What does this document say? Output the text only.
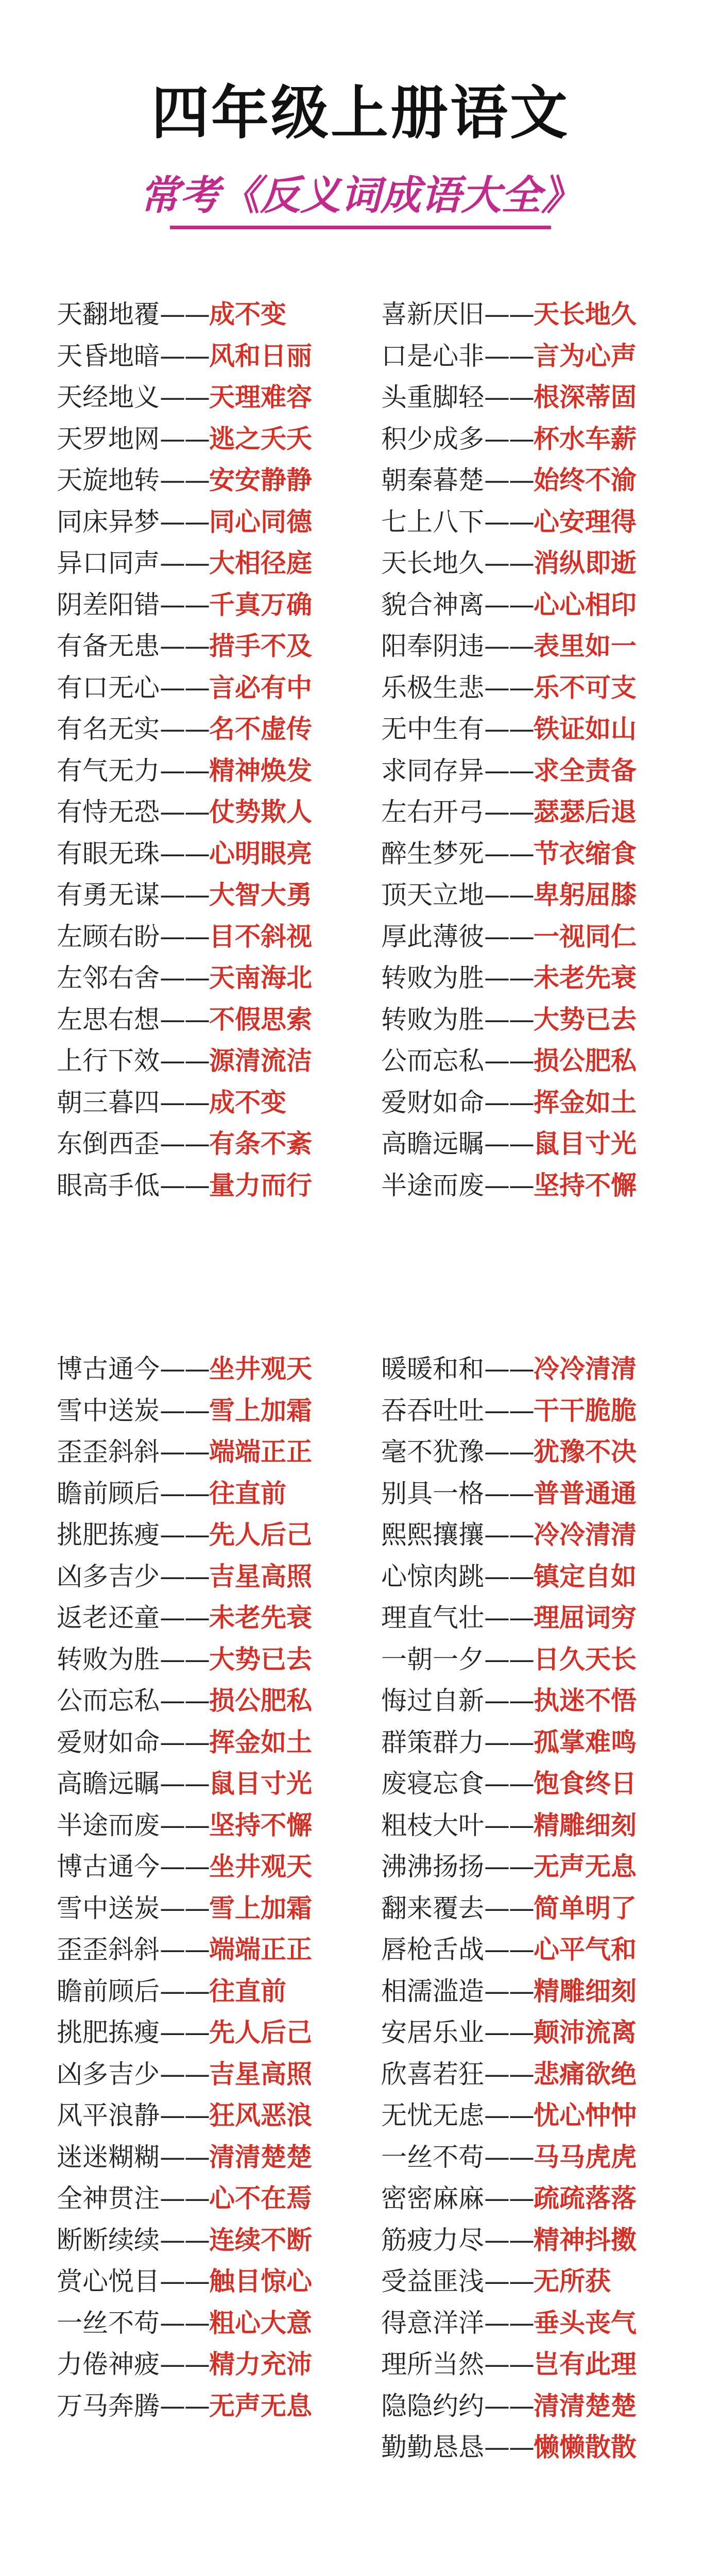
四年级上册语文
常考《反义词成语大全》
天翻地覆——成不变
天昏地暗——风和日丽
天经地义——天理难容
天罗地网——逃之夭夭
天旋地转——安安静静
同床异梦——同心同德
异口同声——大相径庭
阴差阳错——千真万确
有备无患——措手不及
有口无心——言必有中
有名无实——名不虚传
有气无力——精神焕发
有恃无恐——仗势欺人
有眼无珠——心明眼亮
有勇无谋——大智大勇
左顾右盼——目不斜视
左邻右舍——天南海北
左思右想——不假思索
上行下效——源清流洁
朝三暮四——成不变
东倒西歪——有条不紊
眼高手低——量力而行
喜新厌旧——天长地久
口是心非——言为心声
头重脚轻——根深蒂固
积少成多——杯水车薪
朝秦暮楚——始终不渝
七上八下——心安理得
天长地久——消纵即逝
貌合神离——心心相印
阳奉阴违——表里如一
乐极生悲——乐不可支
无中生有——铁证如山
求同存异——求全责备
左右开弓——瑟瑟后退
醉生梦死——节衣缩食
顶天立地——卑躬屈膝
厚此薄彼——一视同仁
转败为胜——未老先衰
转败为胜——大势已去
公而忘私——损公肥私
爱财如命——挥金如土
高瞻远瞩——鼠目寸光
半途而废——坚持不懈
博古通今——坐井观天
雪中送炭——雪上加霜
歪歪斜斜——端端正正
瞻前顾后——往直前
挑肥拣瘦——先人后己
凶多吉少——吉星高照
返老还童——未老先衰
转败为胜——大势已去
公而忘私——损公肥私
爱财如命——挥金如土
高瞻远瞩——鼠目寸光
半途而废——坚持不懈
博古通今——坐井观天
雪中送炭——雪上加霜
歪歪斜斜——端端正正
瞻前顾后——往直前
挑肥拣瘦——先人后己
凶多吉少——吉星高照
风平浪静——狂风恶浪
迷迷糊糊——清清楚楚
全神贯注——心不在焉
断断续续——连续不断
赏心悦目——触目惊心
一丝不苟——粗心大意
力倦神疲——精力充沛
万马奔腾——无声无息
暖暖和和——冷冷清清
吞吞吐吐——干干脆脆
毫不犹豫——犹豫不决
别具一格——普普通通
熙熙攘攘——冷冷清清
心惊肉跳——镇定自如
理直气壮——理屈词穷
一朝一夕——日久天长
悔过自新——执迷不悟
群策群力——孤掌难鸣
废寝忘食——饱食终日
粗枝大叶——精雕细刻
沸沸扬扬——无声无息
翻来覆去——简单明了
唇枪舌战——心平气和
相濡滥造——精雕细刻
安居乐业——颠沛流离
欣喜若狂——悲痛欲绝
无忧无虑——忧心忡忡
一丝不苟——马马虎虎
密密麻麻——疏疏落落
筋疲力尽——精神抖擞
受益匪浅——无所获
得意洋洋——垂头丧气
理所当然——岂有此理
隐隐约约——清清楚楚
勤勤恳恳——懒懒散散
